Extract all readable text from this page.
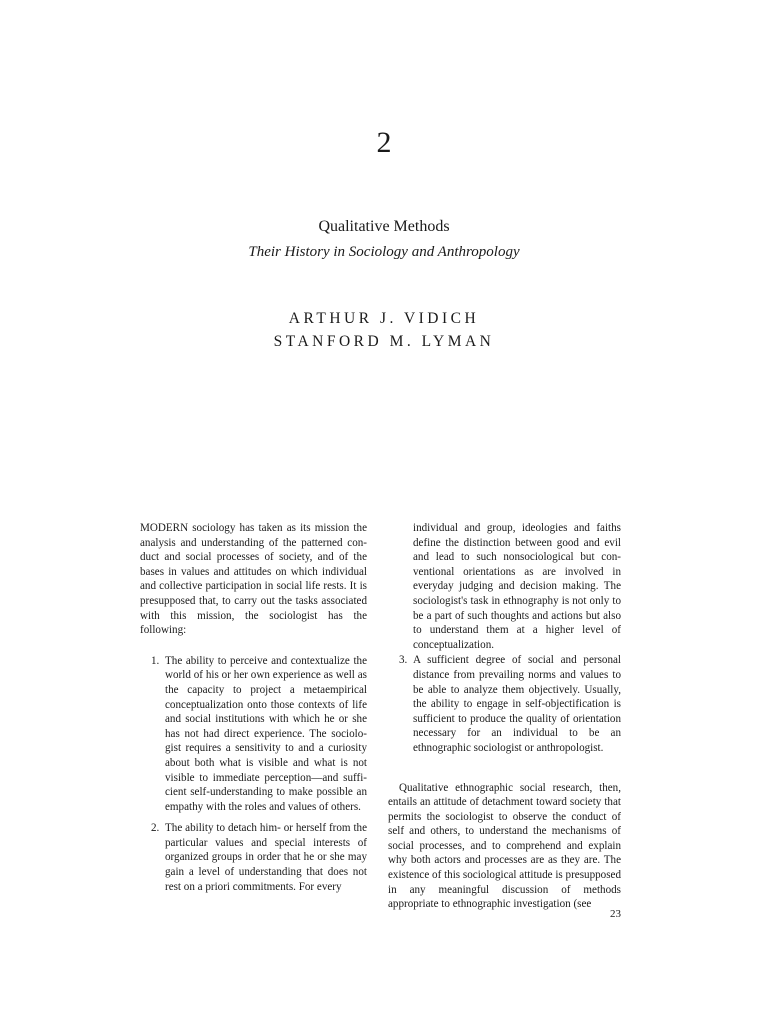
2
Qualitative Methods
Their History in Sociology and Anthropology
ARTHUR J. VIDICH
STANFORD M. LYMAN

MODERN sociology has taken as its mission the analysis and understanding of the patterned conduct and social processes of society, and of the bases in values and attitudes on which individual and collective participation in social life rests. It is presupposed that, to carry out the tasks associated with this mission, the sociologist has the following:

1. The ability to perceive and contextualize the world of his or her own experience as well as the capacity to project a metaempirical conceptualization onto those contexts of life and social institutions with which he or she has not had direct experience. The sociologist requires a sensitivity to and a curiosity about both what is visible and what is not visible to immediate perception—and sufficient self-understanding to make possible an empathy with the roles and values of others.
2. The ability to detach him- or herself from the particular values and special interests of organized groups in order that he or she may gain a level of understanding that does not rest on a priori commitments. For every
individual and group, ideologies and faiths define the distinction between good and evil and lead to such nonsociological but conventional orientations as are involved in everyday judging and decision making. The sociologist's task in ethnography is not only to be a part of such thoughts and actions but also to understand them at a higher level of conceptualization.
3. A sufficient degree of social and personal distance from prevailing norms and values to be able to analyze them objectively. Usually, the ability to engage in self-objectification is sufficient to produce the quality of orientation necessary for an individual to be an ethnographic sociologist or anthropologist.

Qualitative ethnographic social research, then, entails an attitude of detachment toward society that permits the sociologist to observe the conduct of self and others, to understand the mechanisms of social processes, and to comprehend and explain why both actors and processes are as they are. The existence of this sociological attitude is presupposed in any meaningful discussion of methods appropriate to ethnographic investigation (see

23
